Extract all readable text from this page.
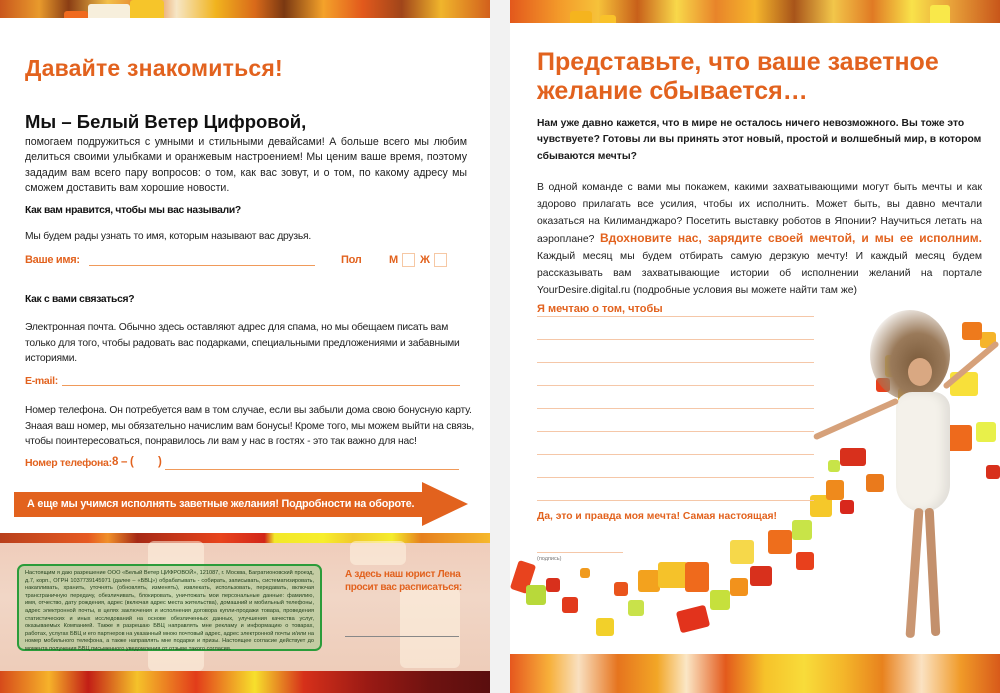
Давайте знакомиться!
Мы – Белый Ветер Цифровой,
помогаем подружиться с умными и стильными девайсами! А больше всего мы любим делиться своими улыбками и оранжевым настроением! Мы ценим ваше время, поэтому зададим вам всего пару вопросов: о том, как вас зовут, и о том, по какому адресу мы сможем доставить вам хорошие новости.
Как вам нравится, чтобы мы вас называли?
Мы будем рады узнать то имя, которым называют вас друзья.
Ваше имя:	Пол	М Ж
Как с вами связаться?
Электронная почта. Обычно здесь оставляют адрес для спама, но мы обещаем писать вам только для того, чтобы радовать вас подарками, специальными предложениями и забавными историями.
E-mail:
Номер телефона. Он потребуется вам в том случае, если вы забыли дома свою бонусную карту. Знаая ваш номер, мы обязательно начислим вам бонусы! Кроме того, мы можем выйти на связь, чтобы поинтересоваться, понравилось ли вам у нас в гостях - это так важно для нас!
Номер телефона: 8 – ( )
А еще мы учимся исполнять заветные желания! Подробности на обороте.
Настоящим я даю разрешение ООО «Белый Ветер ЦИФРОВОЙ», 121087, г. Москва, Багратионовский проезд, д.7, корп., ОГРН 1037739145971 (далее – «БВЦ») обрабатывать - собирать, записывать, систематизировать, накапливать, хранить, уточнять (обновлять, изменять), извлекать, использовать, передавать, включая трансграничную передачу, обезличивать, блокировать, уничтожать мои персональные данные: фамилию, имя, отчество, дату рождения, адрес (включая адрес места жительства), домашний и мобильный телефоны, адрес электронной почты, в целях заключения и исполнения договора купли-продажи товара, проведения статистических и иных исследований на основе обезличенных данных, улучшения качества услуг, оказываемых Компанией. Также я разрешаю БВЦ направлять мне рекламу и информацию о товарах, работах, услугах БВЦ и его партнеров на указанный мною почтовый адрес, адрес электронной почты и/или на номер мобильного телефона, а также направлять мне подарки и призы. Настоящее согласие действует до момента получения БВЦ письменного уведомления от отзыве такого согласия.
А здесь наш юрист Лена просит вас расписаться:
Представьте, что ваше заветное желание сбывается…
Нам уже давно кажется, что в мире не осталось ничего невозможного. Вы тоже это чувствуете? Готовы ли вы принять этот новый, простой и волшебный мир, в котором сбываются мечты?
В одной команде с вами мы покажем, какими захватывающими могут быть мечты и как здорово прилагать все усилия, чтобы их исполнить. Может быть, вы давно мечтали оказаться на Килиманджаро? Посетить выставку роботов в Японии? Научиться летать на аэроплане? Вдохновите нас, зарядите своей мечтой, и мы ее исполним. Каждый месяц мы будем отбирать самую дерзкую мечту! И каждый месяц будем рассказывать вам захватывающие истории об исполнении желаний на портале YourDesire.digital.ru (подробные условия вы можете найти там же)
Я мечтаю о том, чтобы
Да, это и правда моя мечта! Самая настоящая!
(подпись)
